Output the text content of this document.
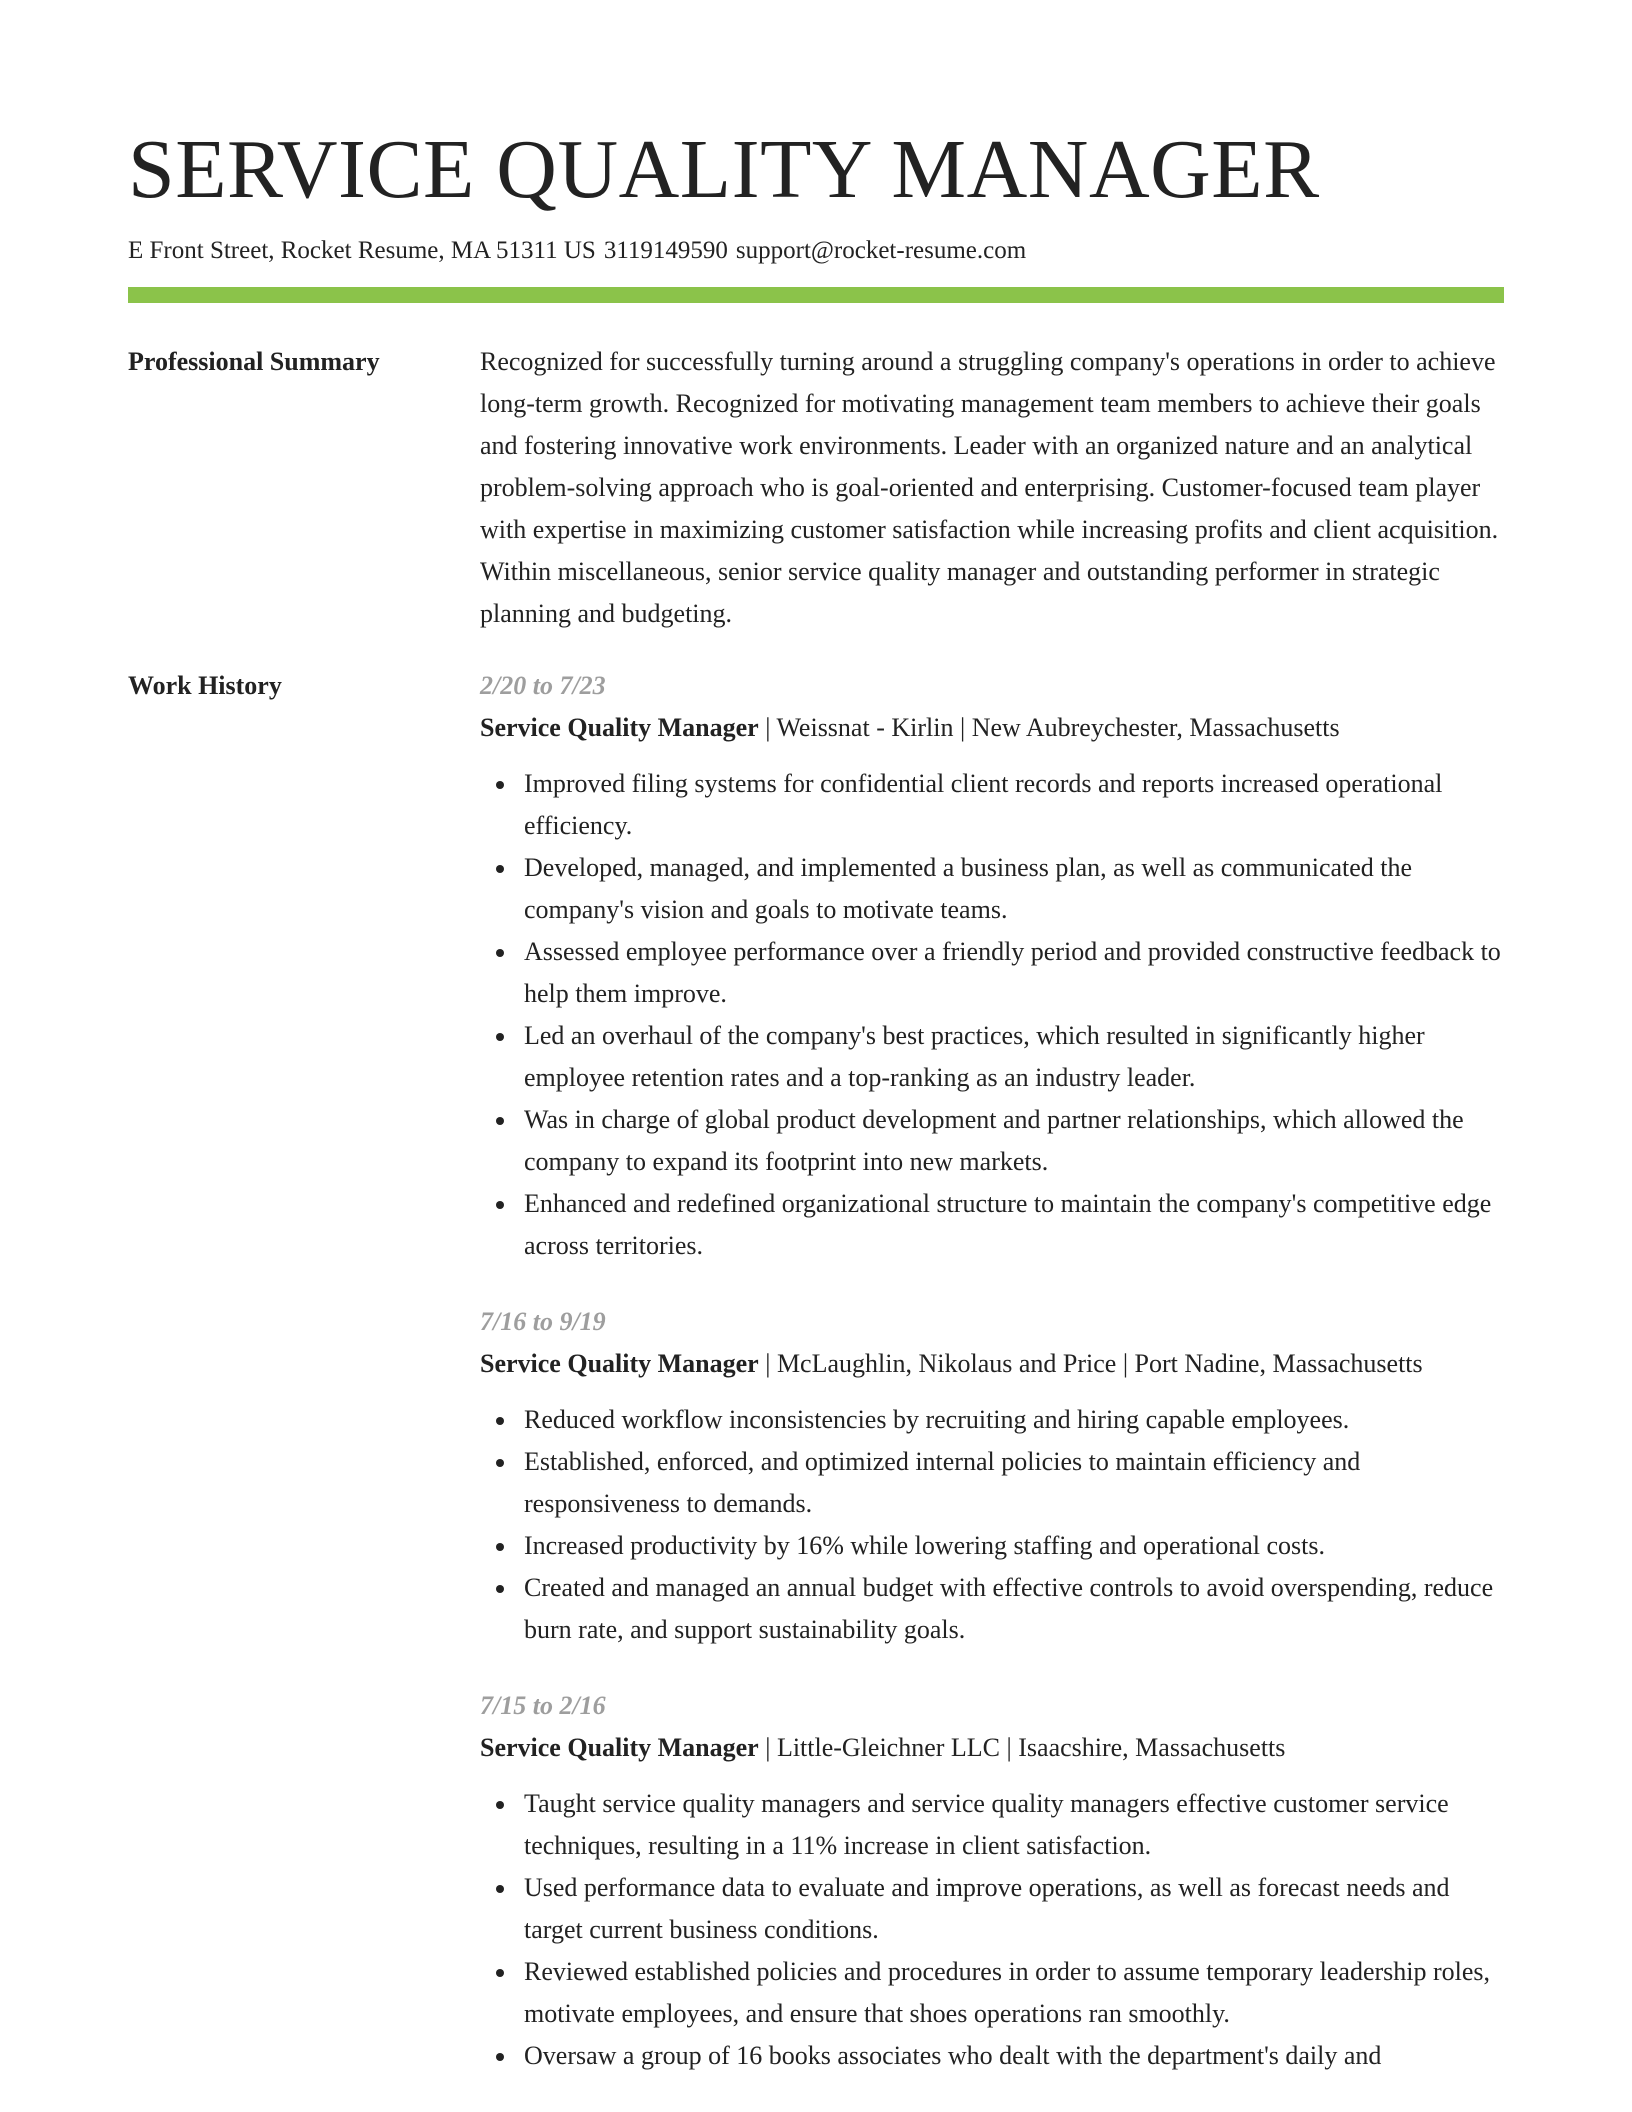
SERVICE QUALITY MANAGER
E Front Street, Rocket Resume, MA 51311 US 3119149590 support@rocket-resume.com
Professional Summary	Recognized for successfully turning around a struggling company's operations in order to achieve long-term growth. Recognized for motivating management team members to achieve their goals and fostering innovative work environments. Leader with an organized nature and an analytical problem-solving approach who is goal-oriented and enterprising. Customer-focused team player with expertise in maximizing customer satisfaction while increasing profits and client acquisition. Within miscellaneous, senior service quality manager and outstanding performer in strategic planning and budgeting.

Work History	2/20 to 7/23
Service Quality Manager | Weissnat - Kirlin | New Aubreychester, Massachusetts
Improved filing systems for confidential client records and reports increased operational efficiency.
Developed, managed, and implemented a business plan, as well as communicated the company's vision and goals to motivate teams.
Assessed employee performance over a friendly period and provided constructive feedback to help them improve.
Led an overhaul of the company's best practices, which resulted in significantly higher employee retention rates and a top-ranking as an industry leader.
Was in charge of global product development and partner relationships, which allowed the company to expand its footprint into new markets.
Enhanced and redefined organizational structure to maintain the company's competitive edge across territories.
7/16 to 9/19
Service Quality Manager | McLaughlin, Nikolaus and Price | Port Nadine, Massachusetts
Reduced workflow inconsistencies by recruiting and hiring capable employees.
Established, enforced, and optimized internal policies to maintain efficiency and responsiveness to demands.
Increased productivity by 16% while lowering staffing and operational costs.
Created and managed an annual budget with effective controls to avoid overspending, reduce burn rate, and support sustainability goals.
7/15 to 2/16
Service Quality Manager | Little-Gleichner LLC | Isaacshire, Massachusetts
Taught service quality managers and service quality managers effective customer service techniques, resulting in a 11% increase in client satisfaction.
Used performance data to evaluate and improve operations, as well as forecast needs and target current business conditions.
Reviewed established policies and procedures in order to assume temporary leadership roles, motivate employees, and ensure that shoes operations ran smoothly.
Oversaw a group of 16 books associates who dealt with the department's daily and
